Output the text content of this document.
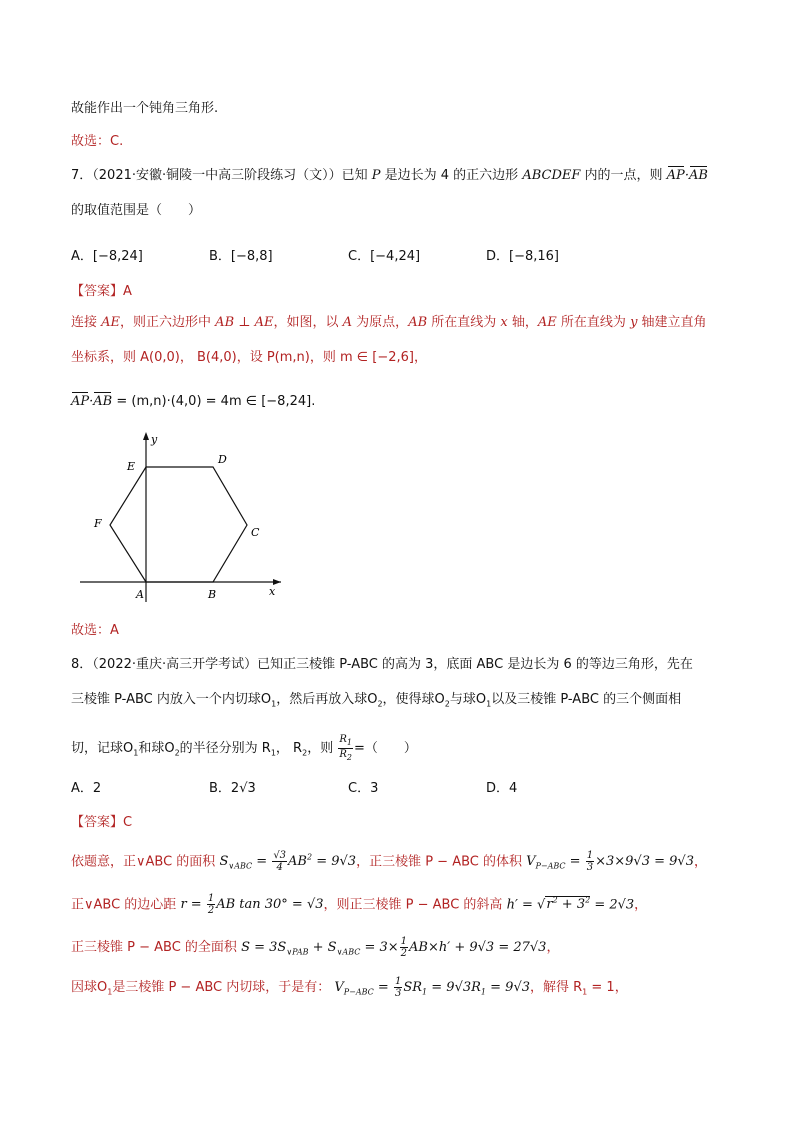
故能作出一个钝角三角形.
故选：C.
7．（2021·安徽·铜陵一中高三阶段练习（文））已知 P 是边长为 4 的正六边形 ABCDEF 内的一点，则 AP·AB
的取值范围是（　　）
A．[−8,24]	B．[−8,8]	C．[−4,24]	D．[−8,16]
【答案】A
连接 AE，则正六边形中 AB ⊥ AE，如图，以 A 为原点，AB 所在直线为 x 轴，AE 所在直线为 y 轴建立直角
坐标系，则 A(0,0)， B(4,0)，设 P(m,n)，则 m ∈ [−2,6]，
AP·AB = (m,n)·(4,0) = 4m ∈ [−8,24].
y
x
A	B
C
D
E
F
故选：A
8．（2022·重庆·高三开学考试）已知正三棱锥 P-ABC 的高为 3，底面 ABC 是边长为 6 的等边三角形，先在
三棱锥 P-ABC 内放入一个内切球$O_1$，然后再放入球$O_2$，使得球$O_2$与球$O_1$以及三棱锥 P-ABC 的三个侧面相
切，记球$O_1$和球$O_2$的半径分别为 $R_1$， $R_2$，则 $\frac{R_1}{R_2}$ =（　　）
A．2	B．2√3	C．3	D．4
【答案】C
依题意，正∨ABC 的面积 $S_{\vee ABC} = \frac{√3}{4} AB^2 = 9√3$，正三棱锥 P − ABC 的体积 $V_{P-ABC} = \frac{1}{3} \times 3\times 9√3 = 9√3$，
正∨ABC 的边心距 $r = \frac{1}{2}$ AB tan 30° = √3，则正三棱锥 P − ABC 的斜高 $h' = √r^2 + 3^2 = 2√3$，
正三棱锥 P − ABC 的全面积 $S = 3S_{\vee PAB} + S_{\vee ABC} = 3\times \frac{1}{2} AB\times h' + 9√3 = 27√3$，
因球$O_1$是三棱锥 P − ABC 内切球，于是有： $V_{P-ABC} = \frac{1}{3} SR_1 = 9√3R_1 = 9√3$，解得 $R_1 = 1$，
